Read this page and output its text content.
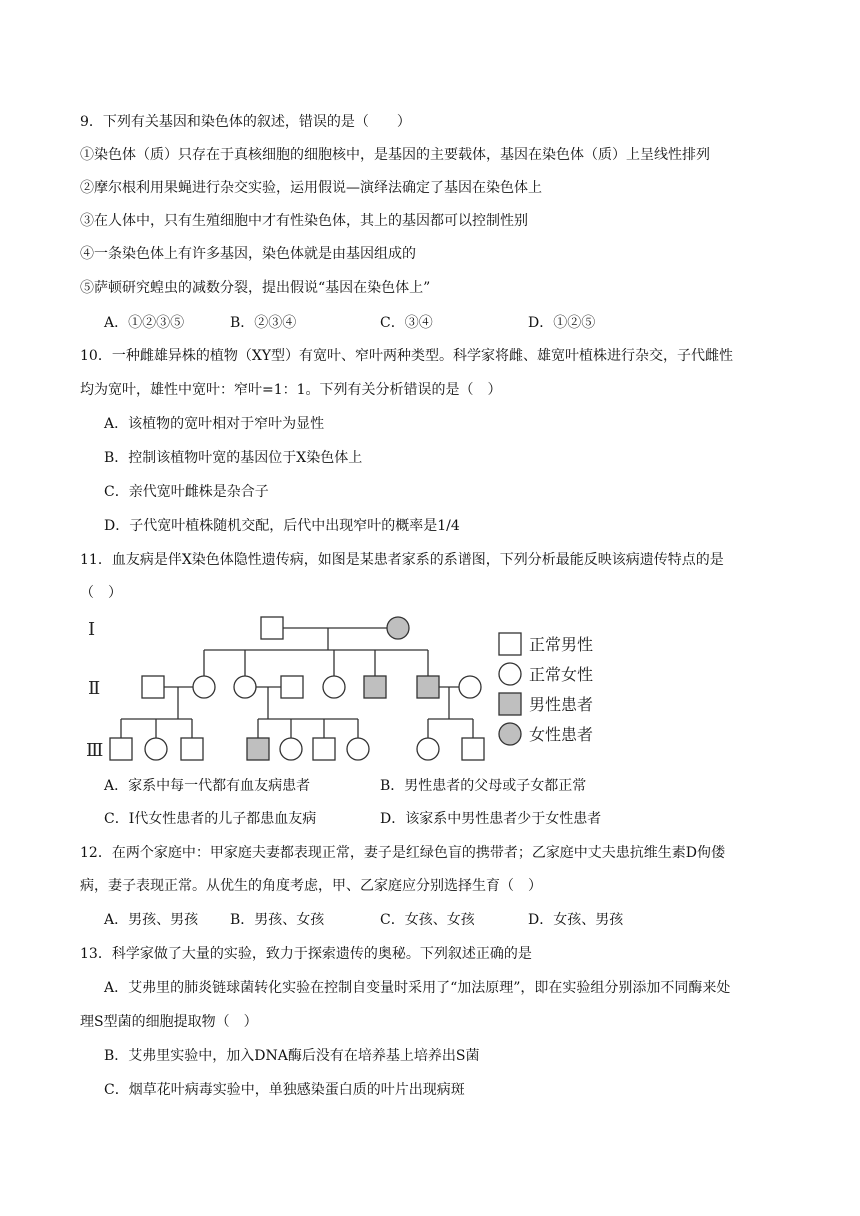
9．下列有关基因和染色体的叙述，错误的是（　　）
①染色体（质）只存在于真核细胞的细胞核中，是基因的主要载体，基因在染色体（质）上呈线性排列
②摩尔根利用果蝇进行杂交实验，运用假说—演绎法确定了基因在染色体上
③在人体中，只有生殖细胞中才有性染色体，其上的基因都可以控制性别
④一条染色体上有许多基因，染色体就是由基因组成的
⑤萨顿研究蝗虫的减数分裂，提出假说“基因在染色体上”
A．①②③⑤	B．②③④	C．③④	D．①②⑤
10．一种雌雄异株的植物（XY型）有宽叶、窄叶两种类型。科学家将雌、雄宽叶植株进行杂交，子代雌性
均为宽叶，雄性中宽叶：窄叶=1：1。下列有关分析错误的是（　）
A．该植物的宽叶相对于窄叶为显性
B．控制该植物叶宽的基因位于X染色体上
C．亲代宽叶雌株是杂合子
D．子代宽叶植株随机交配，后代中出现窄叶的概率是1/4
11．血友病是伴X染色体隐性遗传病，如图是某患者家系的系谱图，下列分析最能反映该病遗传特点的是
（　）
Ⅰ
Ⅱ
Ⅲ
正常男性
正常女性
男性患者
女性患者
A．家系中每一代都有血友病患者	B．男性患者的父母或子女都正常
C．Ⅰ代女性患者的儿子都患血友病	D．该家系中男性患者少于女性患者
12．在两个家庭中：甲家庭夫妻都表现正常，妻子是红绿色盲的携带者；乙家庭中丈夫患抗维生素D佝偻
病，妻子表现正常。从优生的角度考虑，甲、乙家庭应分别选择生育（　）
A．男孩、男孩 B．男孩、女孩	C．女孩、女孩	D．女孩、男孩
13．科学家做了大量的实验，致力于探索遗传的奥秘。下列叙述正确的是
A．艾弗里的肺炎链球菌转化实验在控制自变量时采用了“加法原理”，即在实验组分别添加不同酶来处
理S型菌的细胞提取物（　）
B．艾弗里实验中，加入DNA酶后没有在培养基上培养出S菌
C．烟草花叶病毒实验中，单独感染蛋白质的叶片出现病斑
